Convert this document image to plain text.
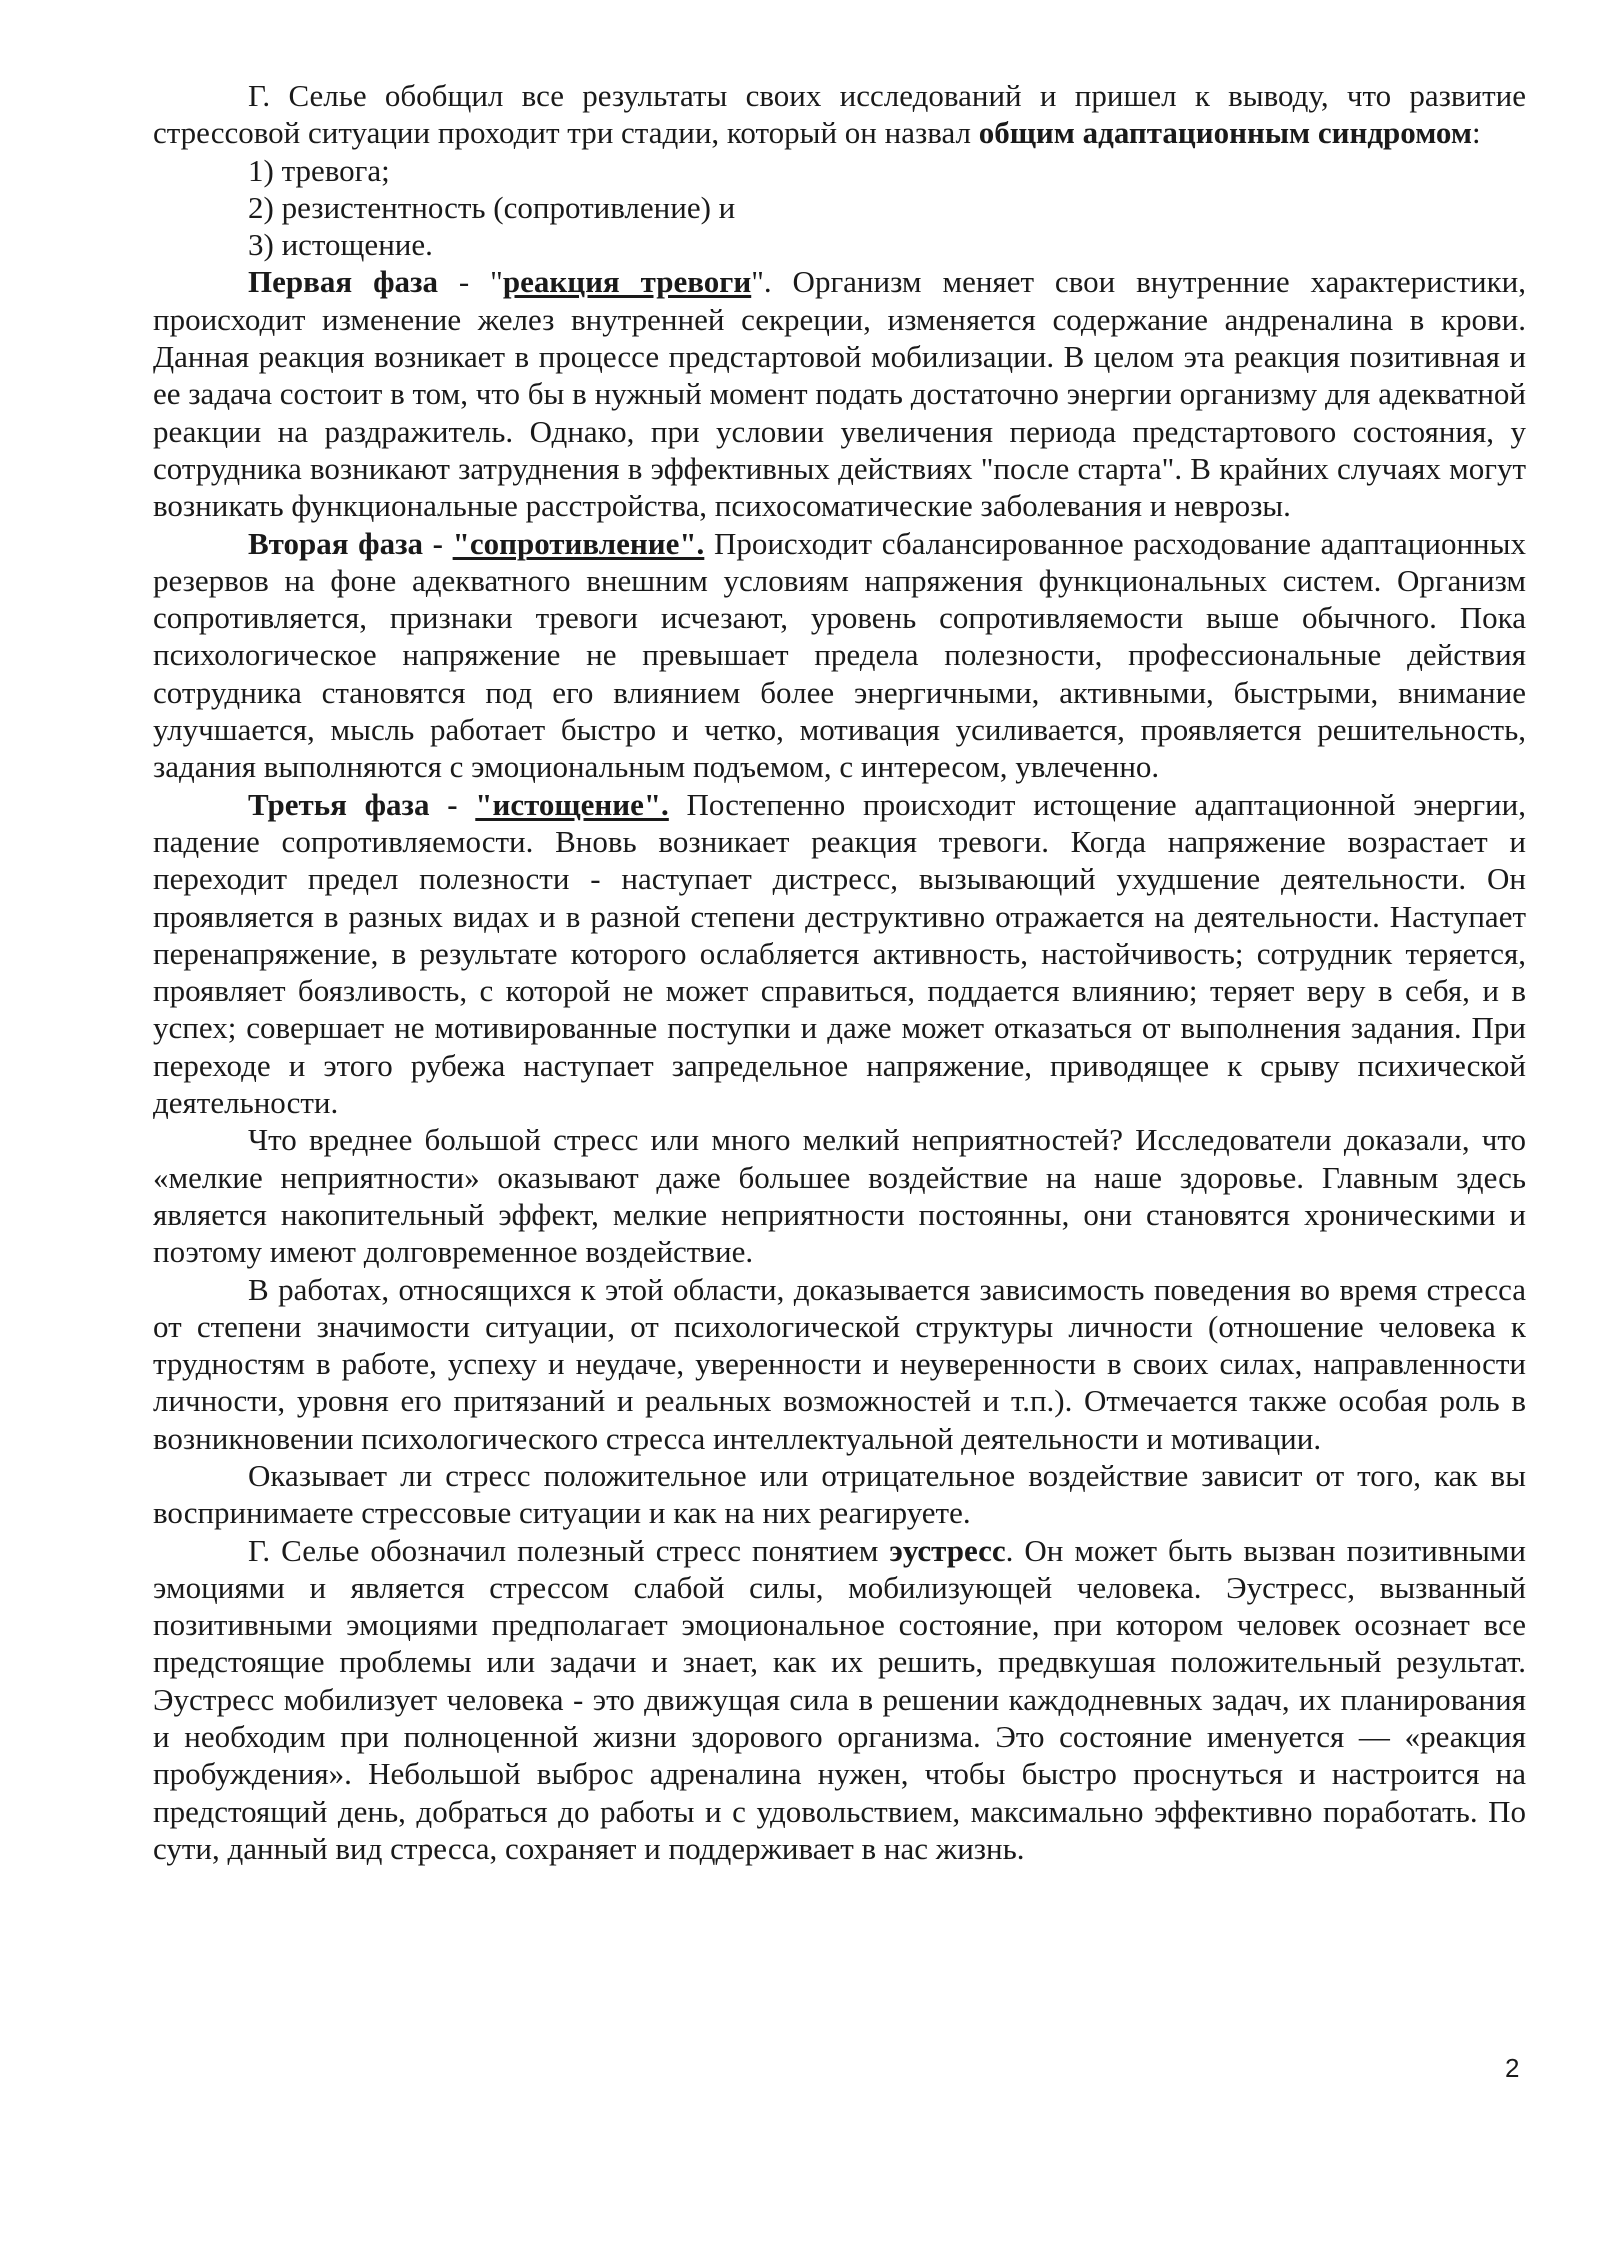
Г. Селье обобщил все результаты своих исследований и пришел к выводу, что развитие стрессовой ситуации проходит три стадии, который он назвал общим адаптационным синдромом:

1) тревога;

2) резистентность (сопротивление) и

3) истощение.

Первая фаза - "реакция тревоги". Организм меняет свои внутренние характеристики, происходит изменение желез внутренней секреции, изменяется содержание андреналина в крови. Данная реакция возникает в процессе предстартовой мобилизации. В целом эта реакция позитивная и ее задача состоит в том, что бы в нужный момент подать достаточно энергии организму для адекватной реакции на раздражитель. Однако, при условии увеличения периода предстартового состояния, у сотрудника возникают затруднения в эффективных действиях "после старта". В крайних случаях могут возникать функциональные расстройства, психосоматические заболевания и неврозы.

Вторая фаза - "сопротивление". Происходит сбалансированное расходование адаптационных резервов на фоне адекватного внешним условиям напряжения функциональных систем. Организм сопротивляется, признаки тревоги исчезают, уровень сопротивляемости выше обычного. Пока психологическое напряжение не превышает предела полезности, профессиональные действия сотрудника становятся под его влиянием более энергичными, активными, быстрыми, внимание улучшается, мысль работает быстро и четко, мотивация усиливается, проявляется решительность, задания выполняются с эмоциональным подъемом, с интересом, увлеченно.

Третья фаза - "истощение". Постепенно происходит истощение адаптационной энергии, падение сопротивляемости. Вновь возникает реакция тревоги. Когда напряжение возрастает и переходит предел полезности - наступает дистресс, вызывающий ухудшение деятельности. Он проявляется в разных видах и в разной степени деструктивно отражается на деятельности. Наступает перенапряжение, в результате которого ослабляется активность, настойчивость; сотрудник теряется, проявляет боязливость, с которой не может справиться, поддается влиянию; теряет веру в себя, и в успех; совершает не мотивированные поступки и даже может отказаться от выполнения задания. При переходе и этого рубежа наступает запредельное напряжение, приводящее к срыву психической деятельности.

Что вреднее большой стресс или много мелкий неприятностей? Исследователи доказали, что «мелкие неприятности» оказывают даже большее воздействие на наше здоровье. Главным здесь является накопительный эффект, мелкие неприятности постоянны, они становятся хроническими и поэтому имеют долговременное воздействие.

В работах, относящихся к этой области, доказывается зависимость поведения во время стресса от степени значимости ситуации, от психологической структуры личности (отношение человека к трудностям в работе, успеху и неудаче, уверенности и неуверенности в своих силах, направленности личности, уровня его притязаний и реальных возможностей и т.п.). Отмечается также особая роль в возникновении психологического стресса интеллектуальной деятельности и мотивации.

Оказывает ли стресс положительное или отрицательное воздействие зависит от того, как вы воспринимаете стрессовые ситуации и как на них реагируете.

Г. Селье обозначил полезный стресс понятием эустресс. Он может быть вызван позитивными эмоциями и является стрессом слабой силы, мобилизующей человека. Эустресс, вызванный позитивными эмоциями предполагает эмоциональное состояние, при котором человек осознает все предстоящие проблемы или задачи и знает, как их решить, предвкушая положительный результат. Эустресс мобилизует человека - это движущая сила в решении каждодневных задач, их планирования и необходим при полноценной жизни здорового организма. Это состояние именуется — «реакция пробуждения». Небольшой выброс адреналина нужен, чтобы быстро проснуться и настроится на предстоящий день, добраться до работы и с удовольствием, максимально эффективно поработать. По сути, данный вид стресса, сохраняет и поддерживает в нас жизнь.

2
